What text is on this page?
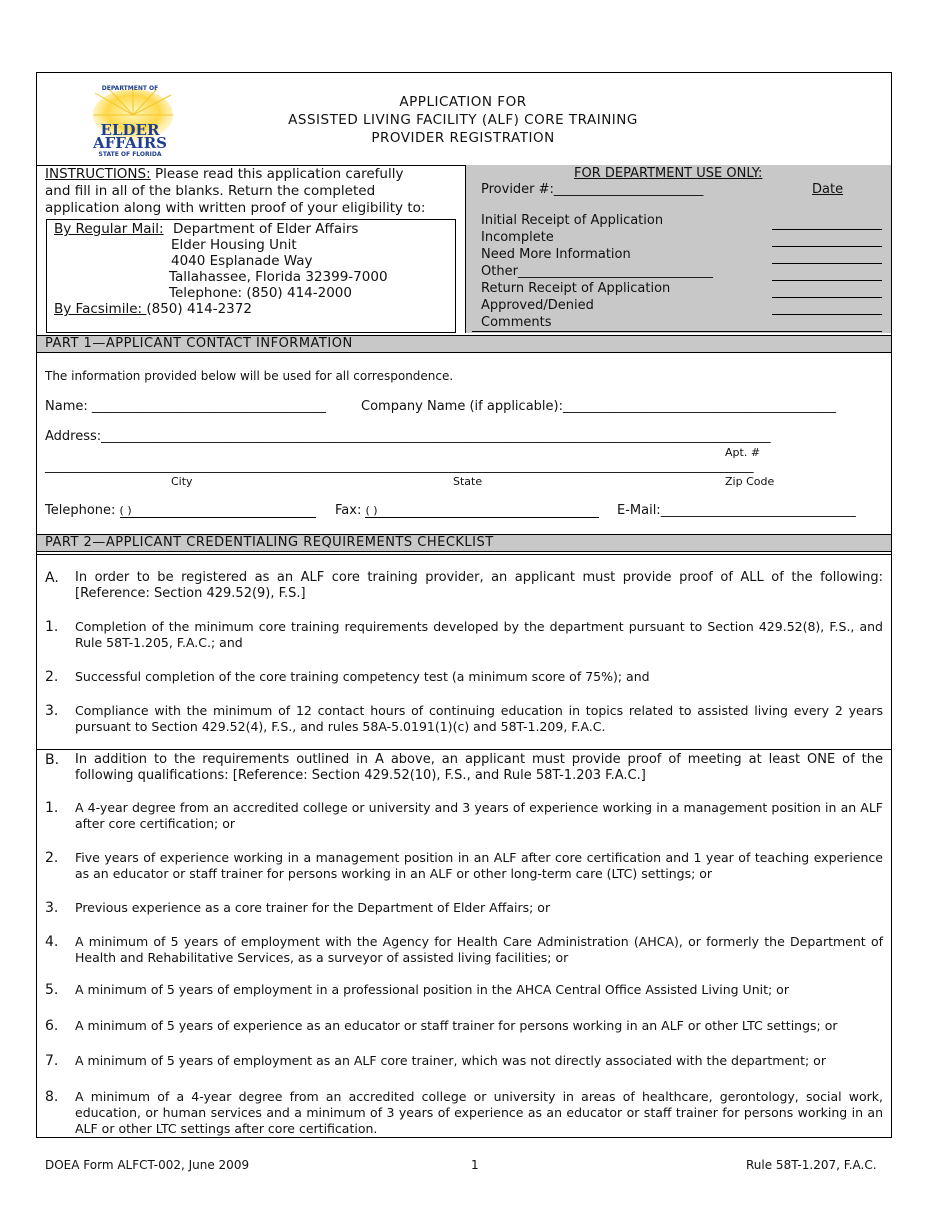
DEPARTMENT OF
ELDER
AFFAIRS
STATE OF FLORIDA
APPLICATION FOR
ASSISTED LIVING FACILITY (ALF) CORE TRAINING
PROVIDER REGISTRATION
INSTRUCTIONS: Please read this application carefully
and fill in all of the blanks. Return the completed
application along with written proof of your eligibility to:
By Regular Mail: Department of Elder Affairs
Elder Housing Unit
4040 Esplanade Way
Tallahassee, Florida 32399-7000
Telephone: (850) 414-2000
By Facsimile: (850) 414-2372
FOR DEPARTMENT USE ONLY:
Provider #:_______________________	Date
Initial Receipt of Application
Incomplete
Need More Information
Other______________________________
Return Receipt of Application
Approved/Denied
Comments
PART 1—APPLICANT CONTACT INFORMATION
The information provided below will be used for all correspondence.
Name: ____________________________________	Company Name (if applicable):__________________________________________
Address:_______________________________________________________________________________________________________
Apt. #
_____________________________________________________________________________________________________________
City	State	Zip Code
Telephone: ( )	Fax: ( )	E-Mail:______________________________
PART 2—APPLICANT CREDENTIALING REQUIREMENTS CHECKLIST
A. In order to be registered as an ALF core training provider, an applicant must provide proof of ALL of the following: [Reference: Section 429.52(9), F.S.]
1. Completion of the minimum core training requirements developed by the department pursuant to Section 429.52(8), F.S., and Rule 58T-1.205, F.A.C.; and
2. Successful completion of the core training competency test (a minimum score of 75%); and
3. Compliance with the minimum of 12 contact hours of continuing education in topics related to assisted living every 2 years pursuant to Section 429.52(4), F.S., and rules 58A-5.0191(1)(c) and 58T-1.209, F.A.C.
B. In addition to the requirements outlined in A above, an applicant must provide proof of meeting at least ONE of the following qualifications: [Reference: Section 429.52(10), F.S., and Rule 58T-1.203 F.A.C.]
1. A 4-year degree from an accredited college or university and 3 years of experience working in a management position in an ALF after core certification; or
2. Five years of experience working in a management position in an ALF after core certification and 1 year of teaching experience as an educator or staff trainer for persons working in an ALF or other long-term care (LTC) settings; or
3. Previous experience as a core trainer for the Department of Elder Affairs; or
4. A minimum of 5 years of employment with the Agency for Health Care Administration (AHCA), or formerly the Department of Health and Rehabilitative Services, as a surveyor of assisted living facilities; or
5. A minimum of 5 years of employment in a professional position in the AHCA Central Office Assisted Living Unit; or
6. A minimum of 5 years of experience as an educator or staff trainer for persons working in an ALF or other LTC settings; or
7. A minimum of 5 years of employment as an ALF core trainer, which was not directly associated with the department; or
8. A minimum of a 4-year degree from an accredited college or university in areas of healthcare, gerontology, social work, education, or human services and a minimum of 3 years of experience as an educator or staff trainer for persons working in an ALF or other LTC settings after core certification.
DOEA Form ALFCT-002, June 2009	1	Rule 58T-1.207, F.A.C.
